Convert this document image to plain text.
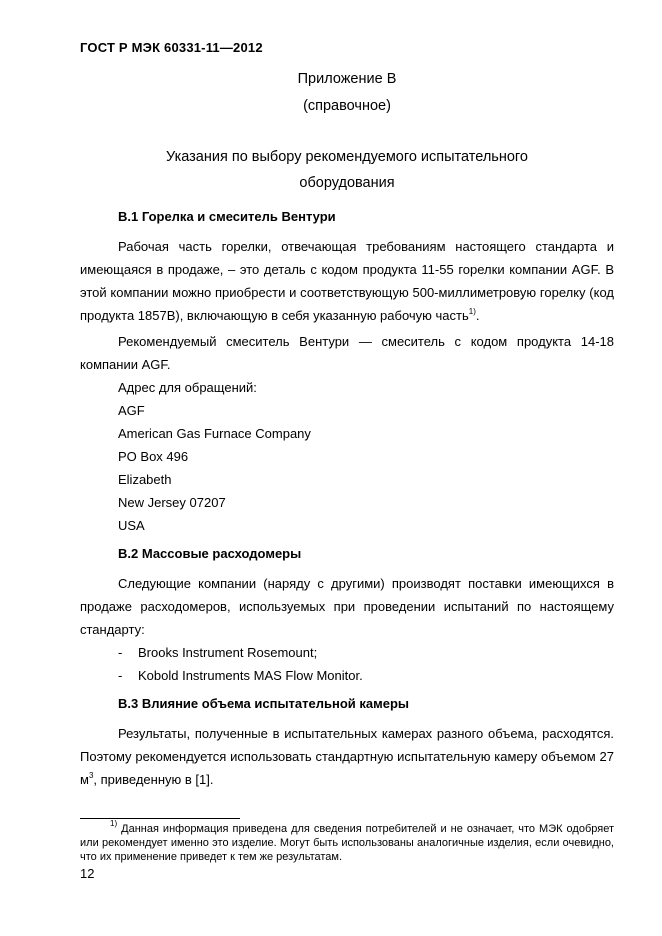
ГОСТ Р МЭК 60331-11—2012
Приложение В
(справочное)
Указания по выбору рекомендуемого испытательного
оборудования
В.1 Горелка и смеситель Вентури
Рабочая часть горелки, отвечающая требованиям настоящего стандарта и имеющаяся в продаже, – это деталь с кодом продукта 11-55 горелки компании AGF. В этой компании можно приобрести и соответствующую 500-миллиметровую горелку (код продукта 1857B), включающую в себя указанную рабочую часть$^{1)}$.
Рекомендуемый смеситель Вентури — смеситель с кодом продукта 14-18 компании AGF.
Адрес для обращений:
AGF
American Gas Furnace Company
PO Box 496
Elizabeth
New Jersey 07207
USA
В.2 Массовые расходомеры
Следующие компании (наряду с другими) производят поставки имеющихся в продаже расходомеров, используемых при проведении испытаний по настоящему стандарту:
- Brooks Instrument Rosemount;
- Kobold Instruments MAS Flow Monitor.
В.3 Влияние объема испытательной камеры
Результаты, полученные в испытательных камерах разного объема, расходятся. Поэтому рекомендуется использовать стандартную испытательную камеру объемом 27 $м^3$, приведенную в [1].
$^{1)}$ Данная информация приведена для сведения потребителей и не означает, что МЭК одобряет или рекомендует именно это изделие. Могут быть использованы аналогичные изделия, если очевидно, что их применение приведет к тем же результатам.
12
